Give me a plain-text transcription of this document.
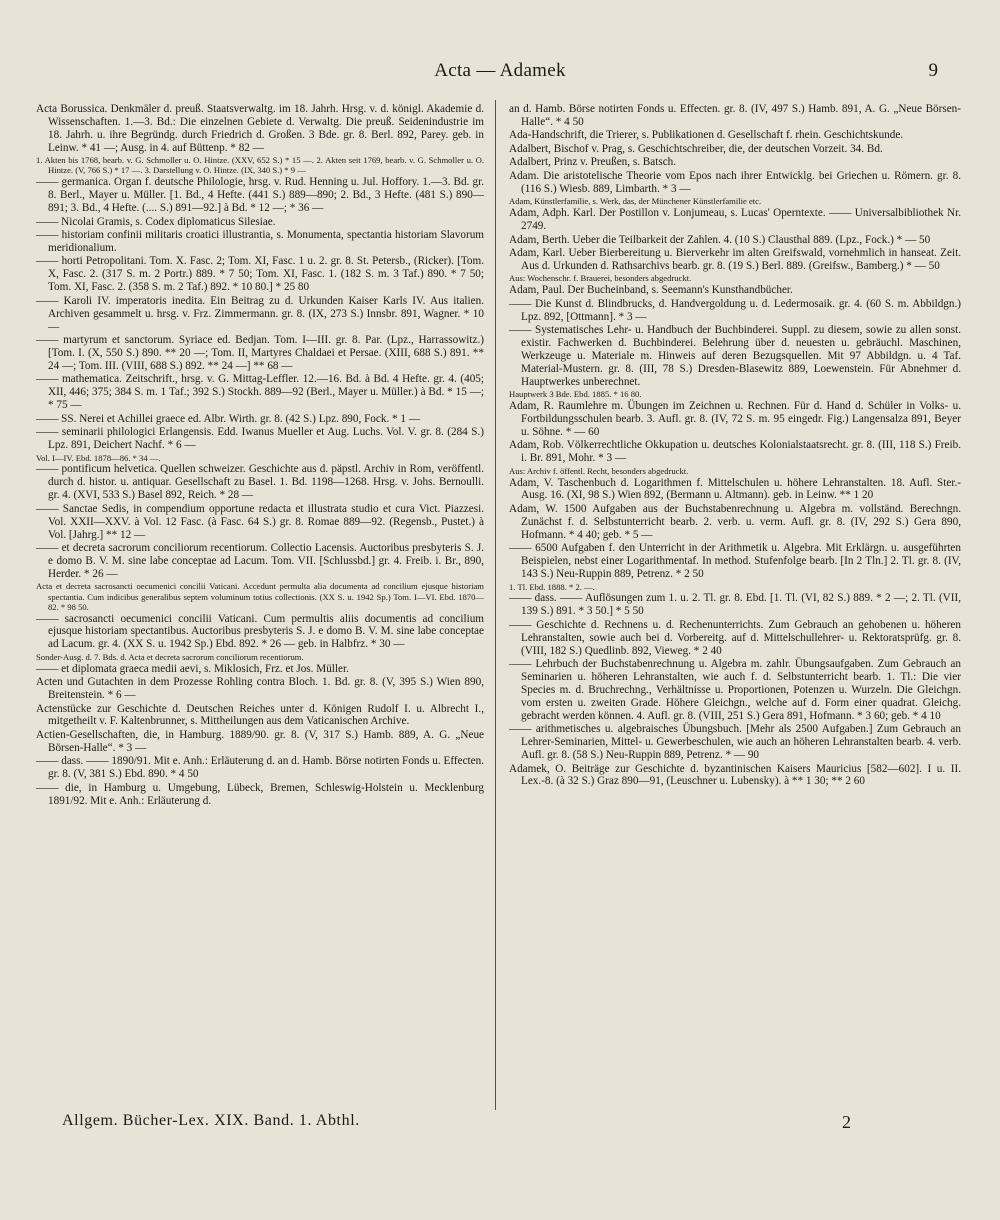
Acta — Adamek	9

Acta Borussica. Denkmäler d. preuß. Staatsverwaltg. im 18. Jahrh. Hrsg. v. d. königl. Akademie d. Wissenschaften. 1.—3. Bd.: Die einzelnen Gebiete d. Verwaltg. Die preuß. Seidenindustrie im 18. Jahrh. u. ihre Begründg. durch Friedrich d. Großen. 3 Bde. gr. 8. Berl. 892, Parey. geb. in Leinw. * 41 —; Ausg. in 4. auf Büttenp. * 82 —

1. Akten bis 1768, bearb. v. G. Schmoller u. O. Hintze. (XXV, 652 S.) * 15 —. 2. Akten seit 1769, bearb. v. G. Schmoller u. O. Hintze. (V, 766 S.) * 17 —. 3. Darstellung v. O. Hintze. (IX, 340 S.) * 9 —

—— germanica. Organ f. deutsche Philologie, hrsg. v. Rud. Henning u. Jul. Hoffory. 1.—3. Bd. gr. 8. Berl., Mayer u. Müller. [1. Bd., 4 Hefte. (441 S.) 889—890; 2. Bd., 3 Hefte. (481 S.) 890—891; 3. Bd., 4 Hefte. (.... S.) 891—92.] à Bd. * 12 —; * 36 —

—— Nicolai Gramis, s. Codex diplomaticus Silesiae.

—— historiam confinii militaris croatici illustrantia, s. Monumenta, spectantia historiam Slavorum meridionalium.

—— horti Petropolitani. Tom. X. Fasc. 2; Tom. XI, Fasc. 1 u. 2. gr. 8. St. Petersb., (Ricker). [Tom. X, Fasc. 2. (317 S. m. 2 Portr.) 889. * 7 50; Tom. XI, Fasc. 1. (182 S. m. 3 Taf.) 890. * 7 50; Tom. XI, Fasc. 2. (358 S. m. 2 Taf.) 892. * 10 80.] * 25 80

—— Karoli IV. imperatoris inedita. Ein Beitrag zu d. Urkunden Kaiser Karls IV. Aus italien. Archiven gesammelt u. hrsg. v. Frz. Zimmermann. gr. 8. (IX, 273 S.) Innsbr. 891, Wagner. * 10 —

—— martyrum et sanctorum. Syriace ed. Bedjan. Tom. I—III. gr. 8. Par. (Lpz., Harrassowitz.) [Tom. I. (X, 550 S.) 890. ** 20 —; Tom. II, Martyres Chaldaei et Persae. (XIII, 688 S.) 891. ** 24 —; Tom. III. (VIII, 688 S.) 892. ** 24 —] ** 68 —

—— mathematica. Zeitschrift., hrsg. v. G. Mittag-Leffler. 12.—16. Bd. à Bd. 4 Hefte. gr. 4. (405; XII, 446; 375; 384 S. m. 1 Taf.; 392 S.) Stockh. 889—92 (Berl., Mayer u. Müller.) à Bd. * 15 —; * 75 —

—— SS. Nerei et Achillei graece ed. Albr. Wirth. gr. 8. (42 S.) Lpz. 890, Fock. * 1 —

—— seminarii philologici Erlangensis. Edd. Iwanus Mueller et Aug. Luchs. Vol. V. gr. 8. (284 S.) Lpz. 891, Deichert Nachf. * 6 —

Vol. I—IV. Ebd. 1878—86. * 34 —.

—— pontificum helvetica. Quellen schweizer. Geschichte aus d. päpstl. Archiv in Rom, veröffentl. durch d. histor. u. antiquar. Gesellschaft zu Basel. 1. Bd. 1198—1268. Hrsg. v. Johs. Bernoulli. gr. 4. (XVI, 533 S.) Basel 892, Reich. * 28 —

—— Sanctae Sedis, in compendium opportune redacta et illustrata studio et cura Vict. Piazzesi. Vol. XXII—XXV. à Vol. 12 Fasc. (à Fasc. 64 S.) gr. 8. Romae 889—92. (Regensb., Pustet.) à Vol. [Jahrg.] ** 12 —

—— et decreta sacrorum conciliorum recentiorum. Collectio Lacensis. Auctoribus presbyteris S. J. e domo B. V. M. sine labe conceptae ad Lacum. Tom. VII. [Schlussbd.] gr. 4. Freib. i. Br., 890, Herder. * 26 —

Acta et decreta sacrosancti oecumenici concilii Vaticani. Accedunt permulta alia documenta ad concilium ejusque historiam spectantia. Cum indicibus generalibus septem voluminum totius collectionis. (XX S. u. 1942 Sp.) Tom. I—VI. Ebd. 1870—82. * 98 50.

—— sacrosancti oecumenici concilii Vaticani. Cum permultis aliis documentis ad concilium ejusque historiam spectantibus. Auctoribus presbyteris S. J. e domo B. V. M. sine labe conceptae ad Lacum. gr. 4. (XX S. u. 1942 Sp.) Ebd. 892. * 26 — geb. in Halbfrz. * 30 —

Sonder-Ausg. d. 7. Bds. d. Acta et decreta sacrorum conciliorum recentiorum.

—— et diplomata graeca medii aevi, s. Miklosich, Frz. et Jos. Müller.

Acten und Gutachten in dem Prozesse Rohling contra Bloch. 1. Bd. gr. 8. (V, 395 S.) Wien 890, Breitenstein. * 6 —

Actenstücke zur Geschichte d. Deutschen Reiches unter d. Königen Rudolf I. u. Albrecht I., mitgetheilt v. F. Kaltenbrunner, s. Mittheilungen aus dem Vaticanischen Archive.

Actien-Gesellschaften, die, in Hamburg. 1889/90. gr. 8. (V, 317 S.) Hamb. 889, A. G. „Neue Börsen-Halle“. * 3 —

—— dass. —— 1890/91. Mit e. Anh.: Erläuterung d. an d. Hamb. Börse notirten Fonds u. Effecten. gr. 8. (V, 381 S.) Ebd. 890. * 4 50

—— die, in Hamburg u. Umgebung, Lübeck, Bremen, Schleswig-Holstein u. Mecklenburg 1891/92. Mit e. Anh.: Erläuterung d.

an d. Hamb. Börse notirten Fonds u. Effecten. gr. 8. (IV, 497 S.) Hamb. 891, A. G. „Neue Börsen-Halle“. * 4 50

Ada-Handschrift, die Trierer, s. Publikationen d. Gesellschaft f. rhein. Geschichtskunde.

Adalbert, Bischof v. Prag, s. Geschichtschreiber, die, der deutschen Vorzeit. 34. Bd.

Adalbert, Prinz v. Preußen, s. Batsch.

Adam. Die aristotelische Theorie vom Epos nach ihrer Entwicklg. bei Griechen u. Römern. gr. 8. (116 S.) Wiesb. 889, Limbarth. * 3 —

Adam, Künstlerfamilie, s. Werk, das, der Münchener Künstlerfamilie etc.

Adam, Adph. Karl. Der Postillon v. Lonjumeau, s. Lucas' Operntexte. —— Universalbibliothek Nr. 2749.

Adam, Berth. Ueber die Teilbarkeit der Zahlen. 4. (10 S.) Clausthal 889. (Lpz., Fock.) * — 50

Adam, Karl. Ueber Bierbereitung u. Bierverkehr im alten Greifswald, vornehmlich in hanseat. Zeit. Aus d. Urkunden d. Rathsarchivs bearb. gr. 8. (19 S.) Berl. 889. (Greifsw., Bamberg.) * — 50

Aus: Wochenschr. f. Brauerei, besonders abgedruckt.

Adam, Paul. Der Bucheinband, s. Seemann's Kunsthandbücher.

—— Die Kunst d. Blindbrucks, d. Handvergoldung u. d. Ledermosaik. gr. 4. (60 S. m. Abbildgn.) Lpz. 892, [Ottmann]. * 3 —

—— Systematisches Lehr- u. Handbuch der Buchbinderei. Suppl. zu diesem, sowie zu allen sonst. existir. Fachwerken d. Buchbinderei. Belehrung über d. neuesten u. gebräuchl. Maschinen, Werkzeuge u. Materiale m. Hinweis auf deren Bezugsquellen. Mit 97 Abbildgn. u. 4 Taf. Material-Mustern. gr. 8. (III, 78 S.) Dresden-Blasewitz 889, Loewenstein. Für Abnehmer d. Hauptwerkes unberechnet.

Hauptwerk 3 Bde. Ebd. 1885. * 16 80.

Adam, R. Raumlehre m. Übungen im Zeichnen u. Rechnen. Für d. Hand d. Schüler in Volks- u. Fortbildungsschulen bearb. 3. Aufl. gr. 8. (IV, 72 S. m. 95 eingedr. Fig.) Langensalza 891, Beyer u. Söhne. * — 60

Adam, Rob. Völkerrechtliche Okkupation u. deutsches Kolonialstaatsrecht. gr. 8. (III, 118 S.) Freib. i. Br. 891, Mohr. * 3 —

Aus: Archiv f. öffentl. Recht, besonders abgedruckt.

Adam, V. Taschenbuch d. Logarithmen f. Mittelschulen u. höhere Lehranstalten. 18. Aufl. Ster.-Ausg. 16. (XI, 98 S.) Wien 892, (Bermann u. Altmann). geb. in Leinw. ** 1 20

Adam, W. 1500 Aufgaben aus der Buchstabenrechnung u. Algebra m. vollständ. Berechngn. Zunächst f. d. Selbstunterricht bearb. 2. verb. u. verm. Aufl. gr. 8. (IV, 292 S.) Gera 890, Hofmann. * 4 40; geb. * 5 —

—— 6500 Aufgaben f. den Unterricht in der Arithmetik u. Algebra. Mit Erklärgn. u. ausgeführten Beispielen, nebst einer Logarithmentaf. In method. Stufenfolge bearb. [In 2 Tln.] 2. Tl. gr. 8. (IV, 143 S.) Neu-Ruppin 889, Petrenz. * 2 50

1. Tl. Ebd. 1888. * 2. —.

—— dass. —— Auflösungen zum 1. u. 2. Tl. gr. 8. Ebd. [1. Tl. (VI, 82 S.) 889. * 2 —; 2. Tl. (VII, 139 S.) 891. * 3 50.] * 5 50

—— Geschichte d. Rechnens u. d. Rechenunterrichts. Zum Gebrauch an gehobenen u. höheren Lehranstalten, sowie auch bei d. Vorbereitg. auf d. Mittelschullehrer- u. Rektoratsprüfg. gr. 8. (VIII, 182 S.) Quedlinb. 892, Vieweg. * 2 40

—— Lehrbuch der Buchstabenrechnung u. Algebra m. zahlr. Übungsaufgaben. Zum Gebrauch an Seminarien u. höheren Lehranstalten, wie auch f. d. Selbstunterricht bearb. 1. Tl.: Die vier Species m. d. Bruchrechng., Verhältnisse u. Proportionen, Potenzen u. Wurzeln. Die Gleichgn. vom ersten u. zweiten Grade. Höhere Gleichgn., welche auf d. Form einer quadrat. Gleichg. gebracht werden können. 4. Aufl. gr. 8. (VIII, 251 S.) Gera 891, Hofmann. * 3 60; geb. * 4 10

—— arithmetisches u. algebraisches Übungsbuch. [Mehr als 2500 Aufgaben.] Zum Gebrauch an Lehrer-Seminarien, Mittel- u. Gewerbeschulen, wie auch an höheren Lehranstalten bearb. 4. verb. Aufl. gr. 8. (58 S.) Neu-Ruppin 889, Petrenz. * — 90

Adamek, O. Beiträge zur Geschichte d. byzantinischen Kaisers Mauricius [582—602]. I u. II. Lex.-8. (à 32 S.) Graz 890—91, (Leuschner u. Lubensky). à ** 1 30; ** 2 60

Allgem. Bücher-Lex. XIX. Band. 1. Abthl.	2
